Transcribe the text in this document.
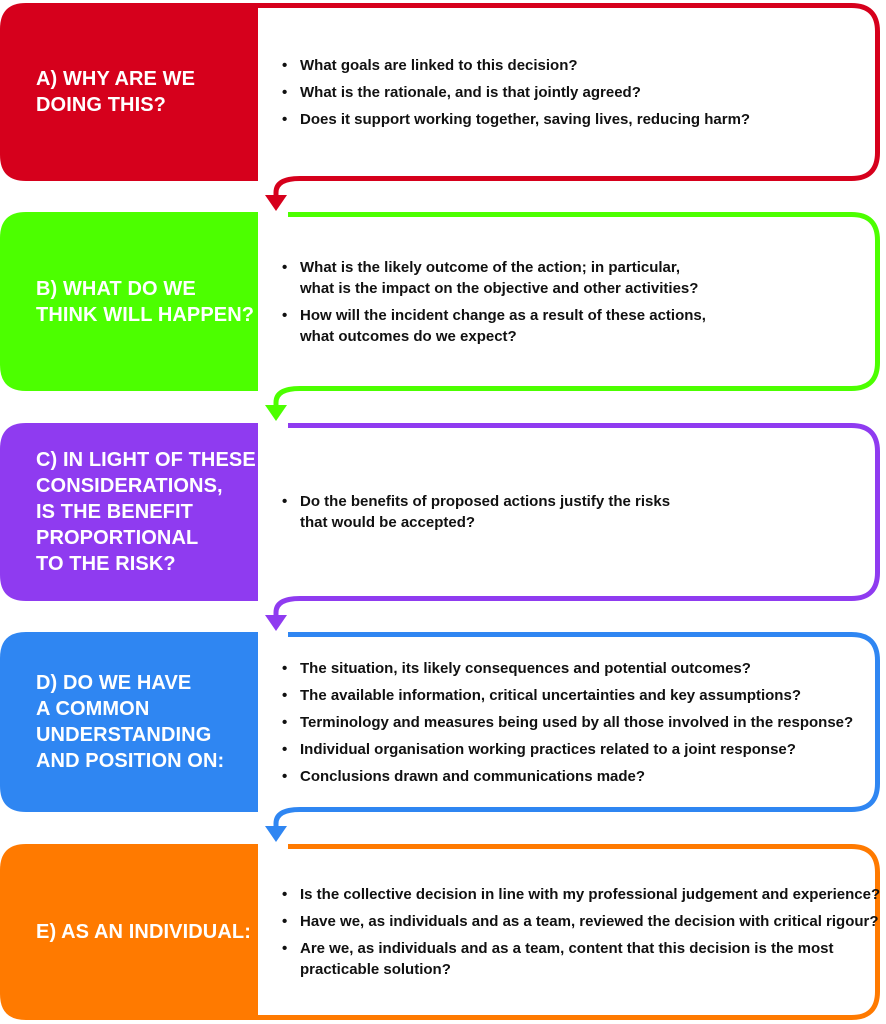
A) WHY ARE WE
DOING THIS?
• What goals are linked to this decision?
• What is the rationale, and is that jointly agreed?
• Does it support working together, saving lives, reducing harm?
B) WHAT DO WE
THINK WILL HAPPEN?
• What is the likely outcome of the action; in particular,
what is the impact on the objective and other activities?
• How will the incident change as a result of these actions,
what outcomes do we expect?
C) IN LIGHT OF THESE
CONSIDERATIONS,
IS THE BENEFIT
PROPORTIONAL
TO THE RISK?
• Do the benefits of proposed actions justify the risks
that would be accepted?
D) DO WE HAVE
A COMMON
UNDERSTANDING
AND POSITION ON:
• The situation, its likely consequences and potential outcomes?
• The available information, critical uncertainties and key assumptions?
• Terminology and measures being used by all those involved in the response?
• Individual organisation working practices related to a joint response?
• Conclusions drawn and communications made?
E) AS AN INDIVIDUAL:
• Is the collective decision in line with my professional judgement and experience?
• Have we, as individuals and as a team, reviewed the decision with critical rigour?
• Are we, as individuals and as a team, content that this decision is the most
practicable solution?
